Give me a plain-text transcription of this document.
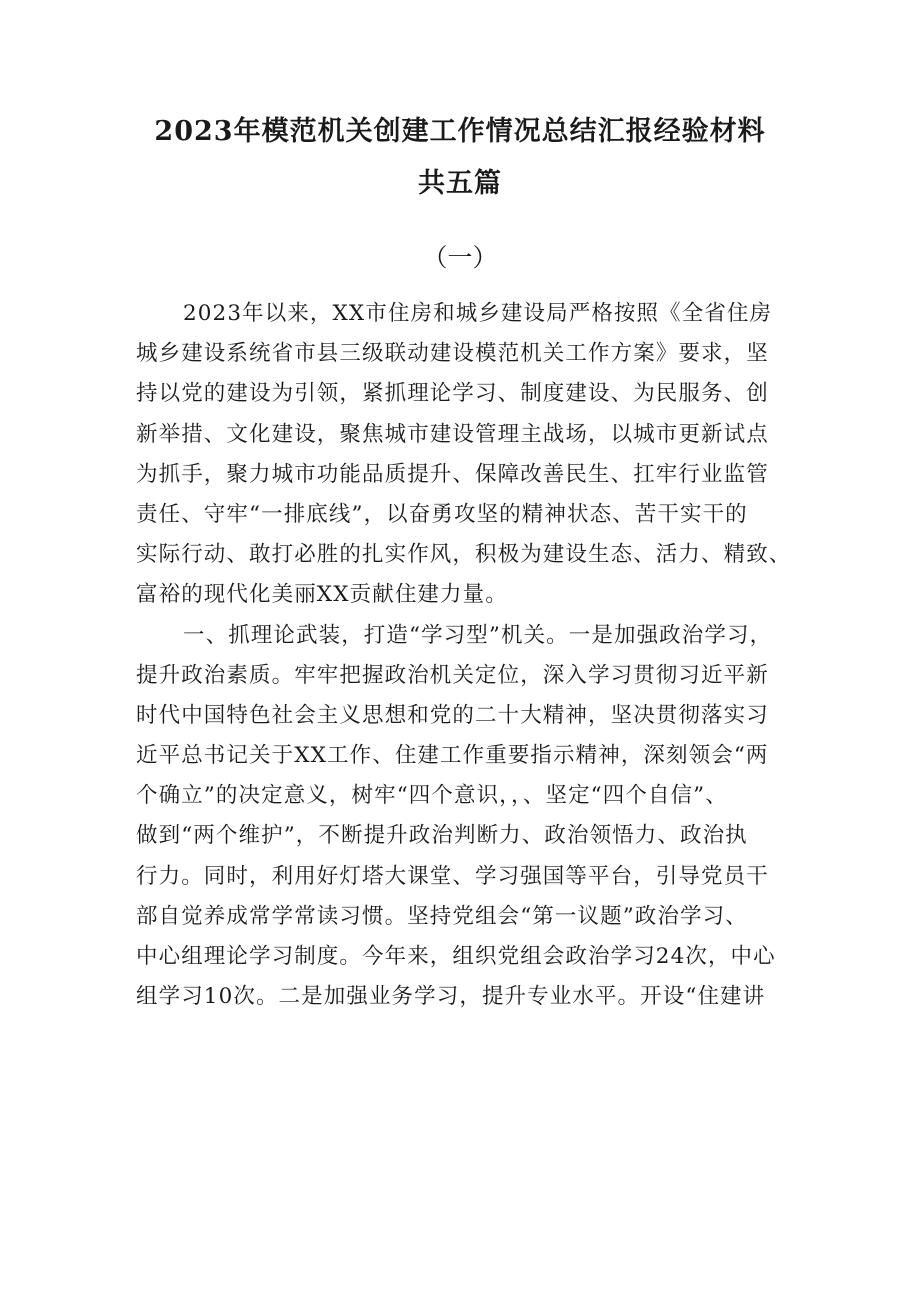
2023年模范机关创建工作情况总结汇报经验材料
共五篇
（一）
2023年以来，XX市住房和城乡建设局严格按照《全省住房
城乡建设系统省市县三级联动建设模范机关工作方案》要求，坚
持以党的建设为引领，紧抓理论学习、制度建设、为民服务、创
新举措、文化建设，聚焦城市建设管理主战场，以城市更新试点
为抓手，聚力城市功能品质提升、保障改善民生、扛牢行业监管
责任、守牢“一排底线”，以奋勇攻坚的精神状态、苦干实干的
实际行动、敢打必胜的扎实作风，积极为建设生态、活力、精致、
富裕的现代化美丽XX贡献住建力量。
一、抓理论武装，打造“学习型”机关。一是加强政治学习，
提升政治素质。牢牢把握政治机关定位，深入学习贯彻习近平新
时代中国特色社会主义思想和党的二十大精神，坚决贯彻落实习
近平总书记关于XX工作、住建工作重要指示精神，深刻领会“两
个确立”的决定意义，树牢“四个意识，，、坚定“四个自信”、
做到“两个维护”，不断提升政治判断力、政治领悟力、政治执
行力。同时，利用好灯塔大课堂、学习强国等平台，引导党员干
部自觉养成常学常读习惯。坚持党组会“第一议题”政治学习、
中心组理论学习制度。今年来，组织党组会政治学习24次，中心
组学习10次。二是加强业务学习，提升专业水平。开设“住建讲
